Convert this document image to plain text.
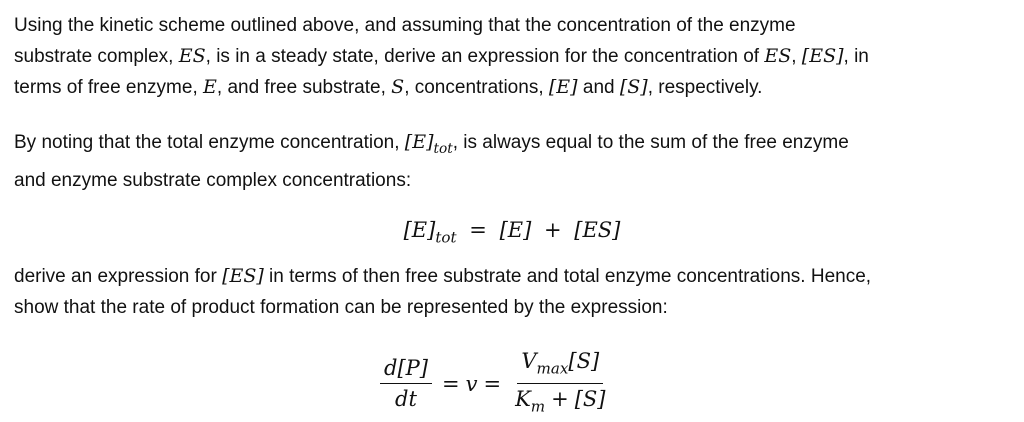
Using the kinetic scheme outlined above, and assuming that the concentration of the enzyme
substrate complex, ES, is in a steady state, derive an expression for the concentration of ES, [ES], in
terms of free enzyme, E, and free substrate, S, concentrations, [E] and [S], respectively.

By noting that the total enzyme concentration, $[E]_{tot}$, is always equal to the sum of the free enzyme
and enzyme substrate complex concentrations:

$[E]_{tot} = [E] + [ES]$

derive an expression for [ES] in terms of then free substrate and total enzyme concentrations. Hence,
show that the rate of product formation can be represented by the expression:

$\frac{d[P]}{dt} = v = \frac{V_{max}[S]}{K_m + [S]}$
